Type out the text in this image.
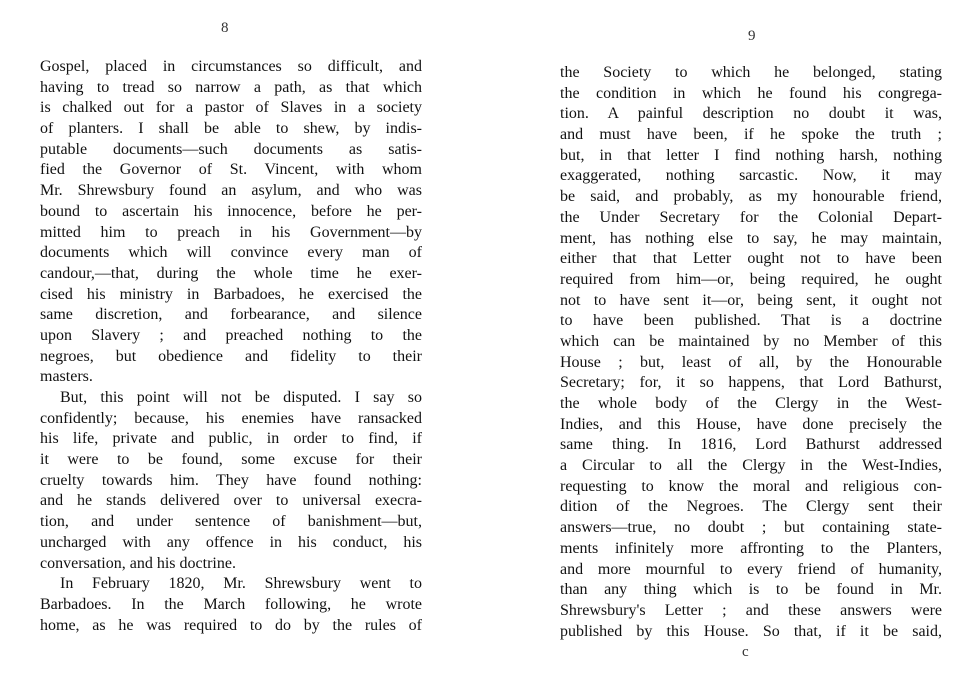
8
Gospel, placed in circumstances so difficult, and
having to tread so narrow a path, as that which
is chalked out for a pastor of Slaves in a society
of planters. I shall be able to shew, by indis-
putable documents—such documents as satis-
fied the Governor of St. Vincent, with whom
Mr. Shrewsbury found an asylum, and who was
bound to ascertain his innocence, before he per-
mitted him to preach in his Government—by
documents which will convince every man of
candour,—that, during the whole time he exer-
cised his ministry in Barbadoes, he exercised the
same discretion, and forbearance, and silence
upon Slavery ; and preached nothing to the
negroes, but obedience and fidelity to their
masters.
But, this point will not be disputed. I say so
confidently; because, his enemies have ransacked
his life, private and public, in order to find, if
it were to be found, some excuse for their
cruelty towards him. They have found nothing:
and he stands delivered over to universal execra-
tion, and under sentence of banishment—but,
uncharged with any offence in his conduct, his
conversation, and his doctrine.
In February 1820, Mr. Shrewsbury went to
Barbadoes. In the March following, he wrote
home, as he was required to do by the rules of
9
the Society to which he belonged, stating
the condition in which he found his congrega-
tion. A painful description no doubt it was,
and must have been, if he spoke the truth ;
but, in that letter I find nothing harsh, nothing
exaggerated, nothing sarcastic. Now, it may
be said, and probably, as my honourable friend,
the Under Secretary for the Colonial Depart-
ment, has nothing else to say, he may maintain,
either that that Letter ought not to have been
required from him—or, being required, he ought
not to have sent it—or, being sent, it ought not
to have been published. That is a doctrine
which can be maintained by no Member of this
House ; but, least of all, by the Honourable
Secretary; for, it so happens, that Lord Bathurst,
the whole body of the Clergy in the West-
Indies, and this House, have done precisely the
same thing. In 1816, Lord Bathurst addressed
a Circular to all the Clergy in the West-Indies,
requesting to know the moral and religious con-
dition of the Negroes. The Clergy sent their
answers—true, no doubt ; but containing state-
ments infinitely more affronting to the Planters,
and more mournful to every friend of humanity,
than any thing which is to be found in Mr.
Shrewsbury's Letter ; and these answers were
published by this House. So that, if it be said,
c
